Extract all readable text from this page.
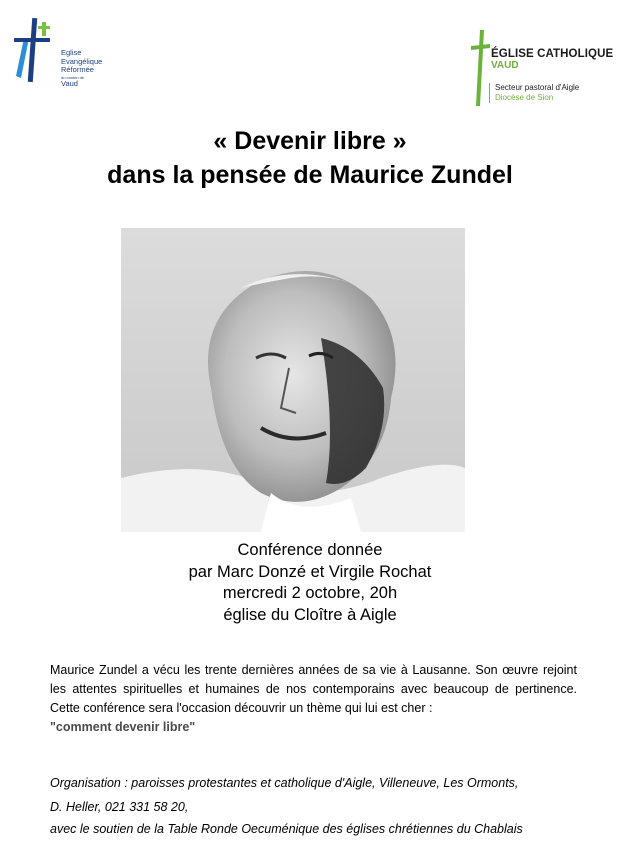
Eglise
Evangélique
Réformée
du canton de
Vaud
ÉGLISE CATHOLIQUE
VAUD
Secteur pastoral d'Aigle
Diocèse de Sion
« Devenir libre »
dans la pensée de Maurice Zundel
Conférence donnée
par Marc Donzé et Virgile Rochat
mercredi 2 octobre, 20h
église du Cloître à Aigle
Maurice Zundel a vécu les trente dernières années de sa vie à Lausanne. Son œuvre rejoint les attentes spirituelles et humaines de nos contemporains avec beaucoup de pertinence. Cette conférence sera l'occasion découvrir un thème qui lui est cher :
"comment devenir libre"
Organisation : paroisses protestantes et catholique d'Aigle, Villeneuve, Les Ormonts,
D. Heller, 021 331 58 20,
avec le soutien de la Table Ronde Oecuménique des églises chrétiennes du Chablais
